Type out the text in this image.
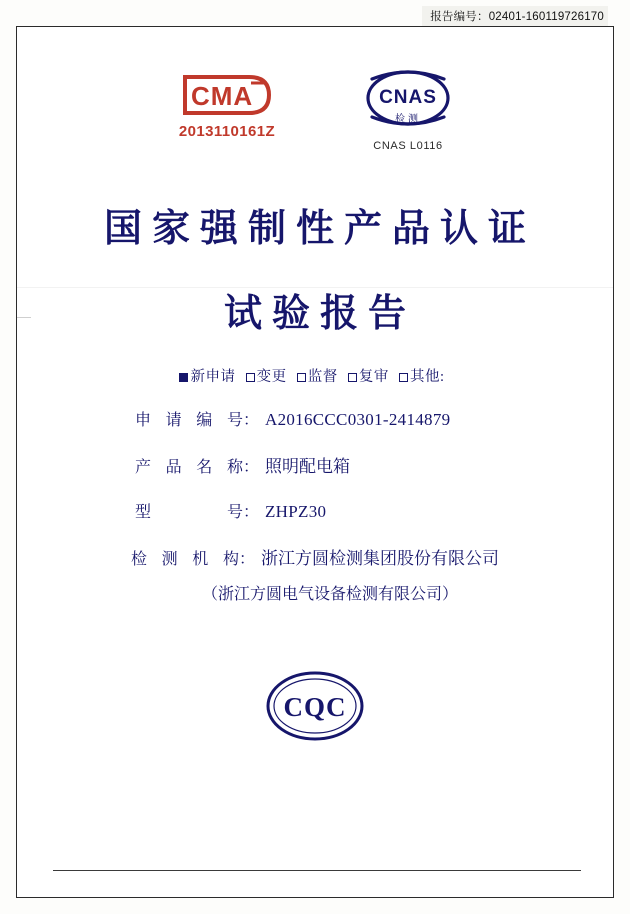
报告编号：02401-160119726170
CMA
2013110161Z
CNAS
检测
CNAS L0116
国家强制性产品认证
试验报告
新申请 变更 监督 复审 其他:
申请编号 ： A2016CCC0301-2414879
产品名称 ： 照明配电箱
型号 ： ZHPZ30
检测机构 ： 浙江方圆检测集团股份有限公司
（浙江方圆电气设备检测有限公司）
CQC
